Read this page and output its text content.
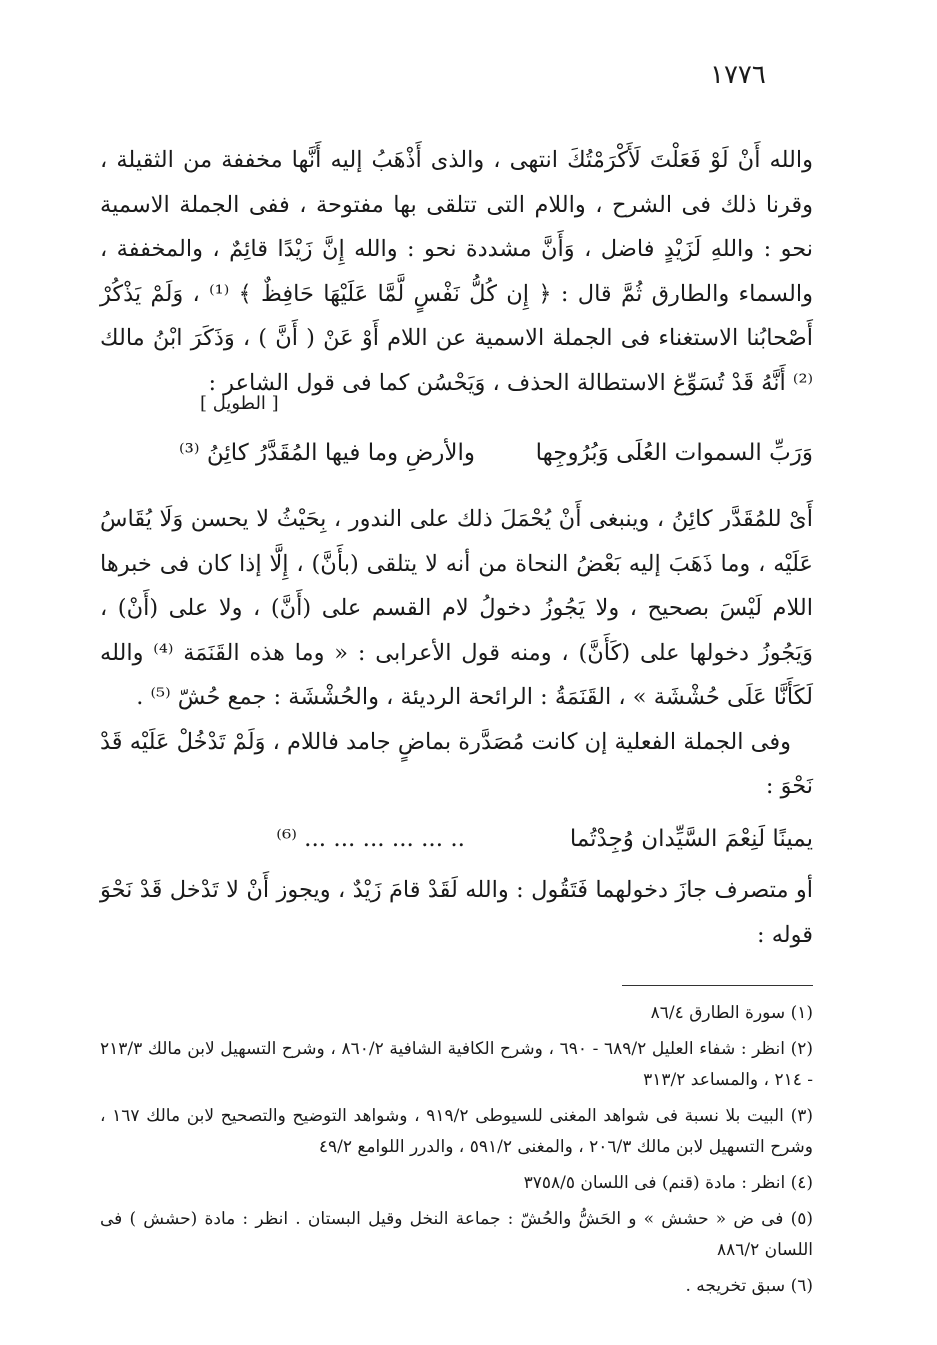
١٧٧٦

والله أَنْ لَوْ فَعَلْتَ لَأَكْرَمْتُكَ انتهى ، والذى أَذْهَبُ إليه أَنَّها مخففة من الثقيلة ، وقرنا ذلك فى الشرح ، واللام التى تتلقى بها مفتوحة ، ففى الجملة الاسمية نحو : واللهِ لَزَيْدٍ فاضل ، وَأَنَّ مشددة نحو : والله إِنَّ زَيْدًا قائِمٌ ، والمخففة ، والسماء والطارق ثُمَّ قال : ﴿ إِن كُلُّ نَفْسٍ لَّمَّا عَلَيْهَا حَافِظٌ ﴾ ⁽¹⁾ ، وَلَمْ يَذْكُرْ أَصْحابُنا الاستغناء فى الجملة الاسمية عن اللام أَوْ عَنْ ( أَنَّ ) ، وَذَكَرَ ابْنُ مالك ⁽²⁾ أَنَّهُ قَدْ تُسَوِّغ الاستطالة الحذف ، وَيَحْسُن كما فى قول الشاعر :

[ الطويل ]
وَرَبِّ السموات العُلَى وَبُرُوجِها
والأرضِ وما فيها المُقَدَّرُ كائِنُ ⁽³⁾

أَىْ للمُقَدَّر كائِنُ ، وينبغى أَنْ يُحْمَلَ ذلك على الندور ، بِحَيْثُ لا يحسن وَلَا يُقَاسُ عَلَيْه ، وما ذَهَبَ إليه بَعْضُ النحاة من أنه لا يتلقى (بأَنَّ) ، إِلَّا إذا كان فى خبرها اللام لَيْسَ بصحيح ، ولا يَجُوزُ دخولُ لام القسم على (أَنَّ) ، ولا على (أَنْ) ، وَيَجُوزُ دخولها على (كَأَنَّ) ، ومنه قول الأعرابى : « وما هذه القَنَمَة ⁽⁴⁾ والله لَكَأَنَّا عَلَى حُشْشَة » ، القَنَمَةُ : الرائحة الرديئة ، والحُشْشَة : جمع حُشّ ⁽⁵⁾ .

وفى الجملة الفعلية إن كانت مُصَدَّرة بماضٍ جامد فاللام ، وَلَمْ تَدْخُلْ عَلَيْه قَدْ نَحْوَ :

يمينًا لَنِعْمَ السَّيِّدان وُجِدْتُما
.. ... ... ... ... ... ⁽⁶⁾

أو متصرف جازَ دخولهما فَتَقُول : والله لَقَدْ قامَ زَيْدٌ ، ويجوز أَنْ لا تَدْخل قَدْ نَحْوَ قوله :

(١) سورة الطارق ٨٦/٤
(٢) انظر : شفاء العليل ٦٨٩/٢ - ٦٩٠ ، وشرح الكافية الشافية ٨٦٠/٢ ، وشرح التسهيل لابن مالك ٢١٣/٣ - ٢١٤ ، والمساعد ٣١٣/٢
(٣) البيت بلا نسبة فى شواهد المغنى للسيوطى ٩١٩/٢ ، وشواهد التوضيح والتصحيح لابن مالك ١٦٧ ، وشرح التسهيل لابن مالك ٢٠٦/٣ ، والمغنى ٥٩١/٢ ، والدرر اللوامع ٤٩/٢
(٤) انظر : مادة (قنم) فى اللسان ٣٧٥٨/٥
(٥) فى ض « حشش » و الحَشُّ والحُشّ : جماعة النخل وقيل البستان . انظر : مادة (حشش ) فى اللسان ٨٨٦/٢
(٦) سبق تخريجه .
